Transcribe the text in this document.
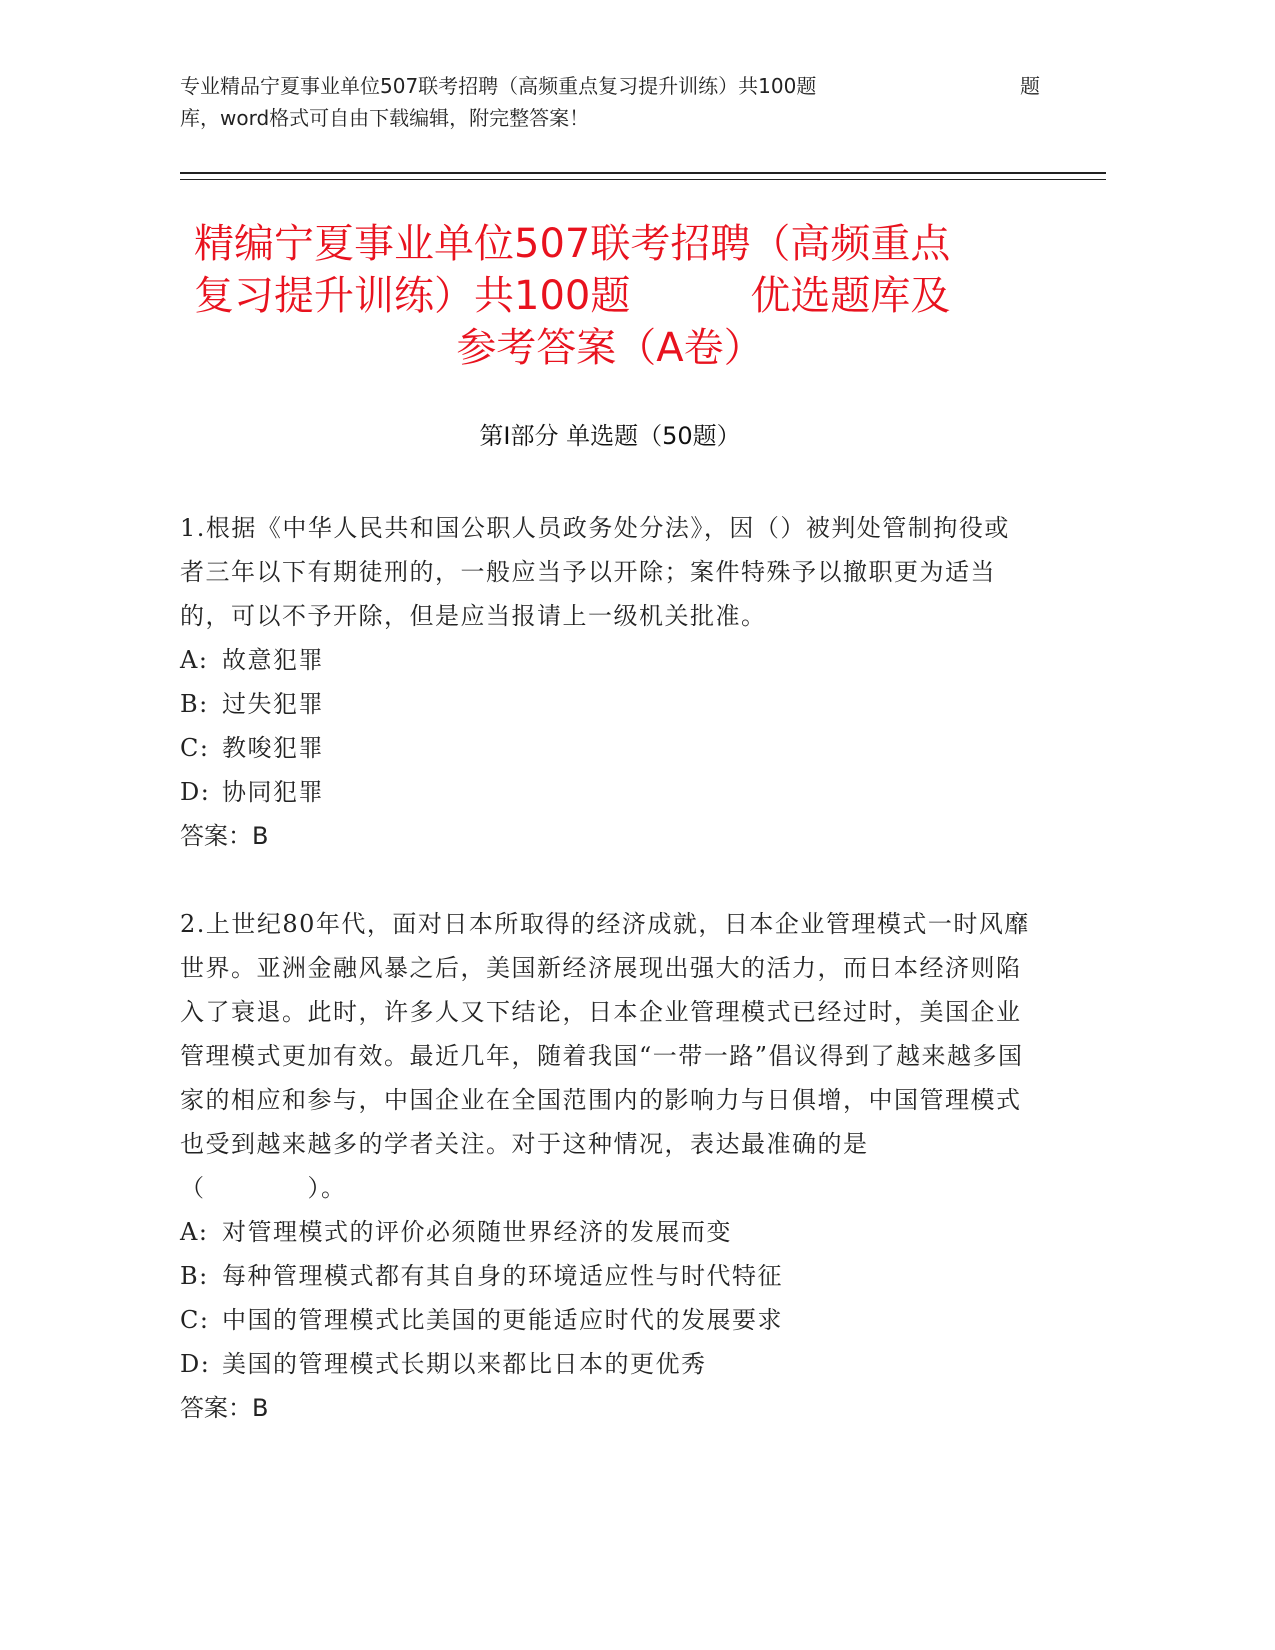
专业精品宁夏事业单位507联考招聘（高频重点复习提升训练）共100题	题
库，word格式可自由下载编辑，附完整答案！
精编宁夏事业单位507联考招聘（高频重点
复习提升训练）共100题　　　优选题库及
参考答案（A卷）
第I部分 单选题（50题）
1.根据《中华人民共和国公职人员政务处分法》，因（）被判处管制拘役或者三年以下有期徒刑的，一般应当予以开除；案件特殊予以撤职更为适当的，可以不予开除，但是应当报请上一级机关批准。
A: 故意犯罪
B: 过失犯罪
C: 教唆犯罪
D: 协同犯罪
答案：B
2.上世纪80年代，面对日本所取得的经济成就，日本企业管理模式一时风靡世界。亚洲金融风暴之后，美国新经济展现出强大的活力，而日本经济则陷入了衰退。此时，许多人又下结论，日本企业管理模式已经过时，美国企业管理模式更加有效。最近几年，随着我国“一带一路”倡议得到了越来越多国家的相应和参与，中国企业在全国范围内的影响力与日俱增，中国管理模式也受到越来越多的学者关注。对于这种情况，表达最准确的是（　　　　）。
A: 对管理模式的评价必须随世界经济的发展而变
B: 每种管理模式都有其自身的环境适应性与时代特征
C: 中国的管理模式比美国的更能适应时代的发展要求
D: 美国的管理模式长期以来都比日本的更优秀
答案：B
